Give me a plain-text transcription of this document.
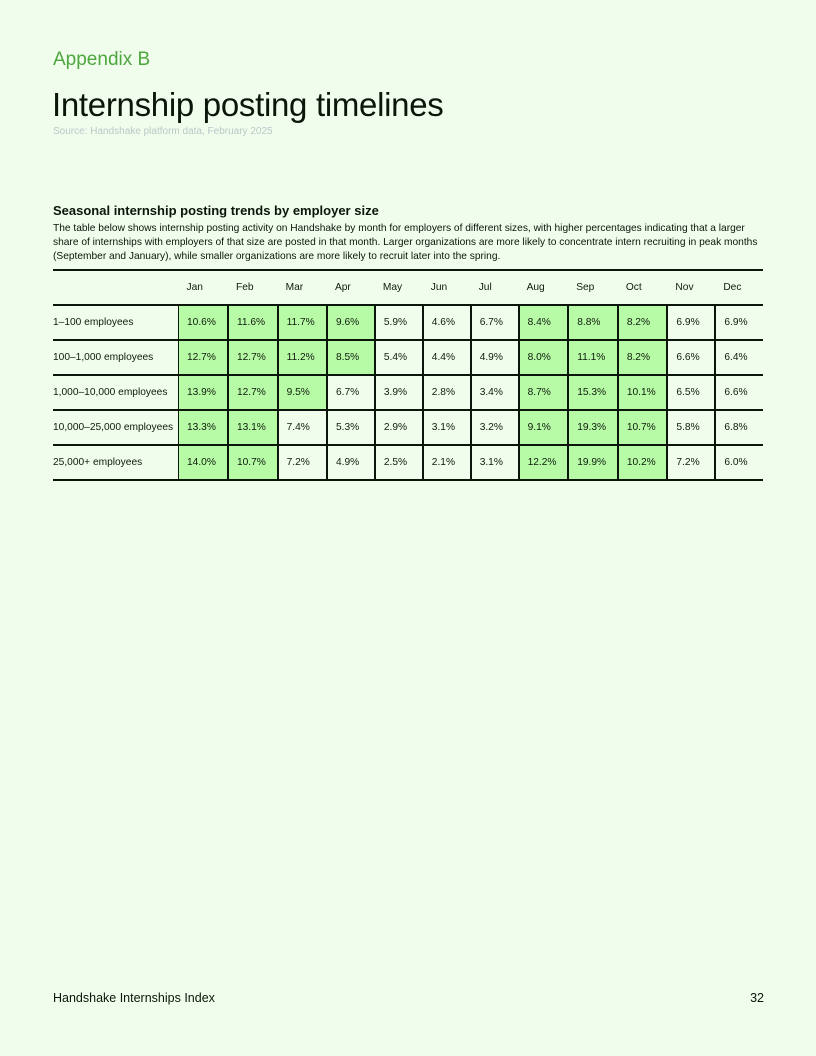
Appendix B
Internship posting timelines
Source: Handshake platform data, February 2025
Seasonal internship posting trends by employer size
The table below shows internship posting activity on Handshake by month for employers of different sizes, with higher percentages indicating that a larger share of internships with employers of that size are posted in that month. Larger organizations are more likely to concentrate intern recruiting in peak months (September and January), while smaller organizations are more likely to recruit later into the spring.
	Jan	Feb	Mar	Apr	May	Jun	Jul	Aug	Sep	Oct	Nov	Dec
1–100 employees	10.6%	11.6%	11.7%	9.6%	5.9%	4.6%	6.7%	8.4%	8.8%	8.2%	6.9%	6.9%
100–1,000 employees	12.7%	12.7%	11.2%	8.5%	5.4%	4.4%	4.9%	8.0%	11.1%	8.2%	6.6%	6.4%
1,000–10,000 employees	13.9%	12.7%	9.5%	6.7%	3.9%	2.8%	3.4%	8.7%	15.3%	10.1%	6.5%	6.6%
10,000–25,000 employees	13.3%	13.1%	7.4%	5.3%	2.9%	3.1%	3.2%	9.1%	19.3%	10.7%	5.8%	6.8%
25,000+ employees	14.0%	10.7%	7.2%	4.9%	2.5%	2.1%	3.1%	12.2%	19.9%	10.2%	7.2%	6.0%
Handshake Internships Index	32
